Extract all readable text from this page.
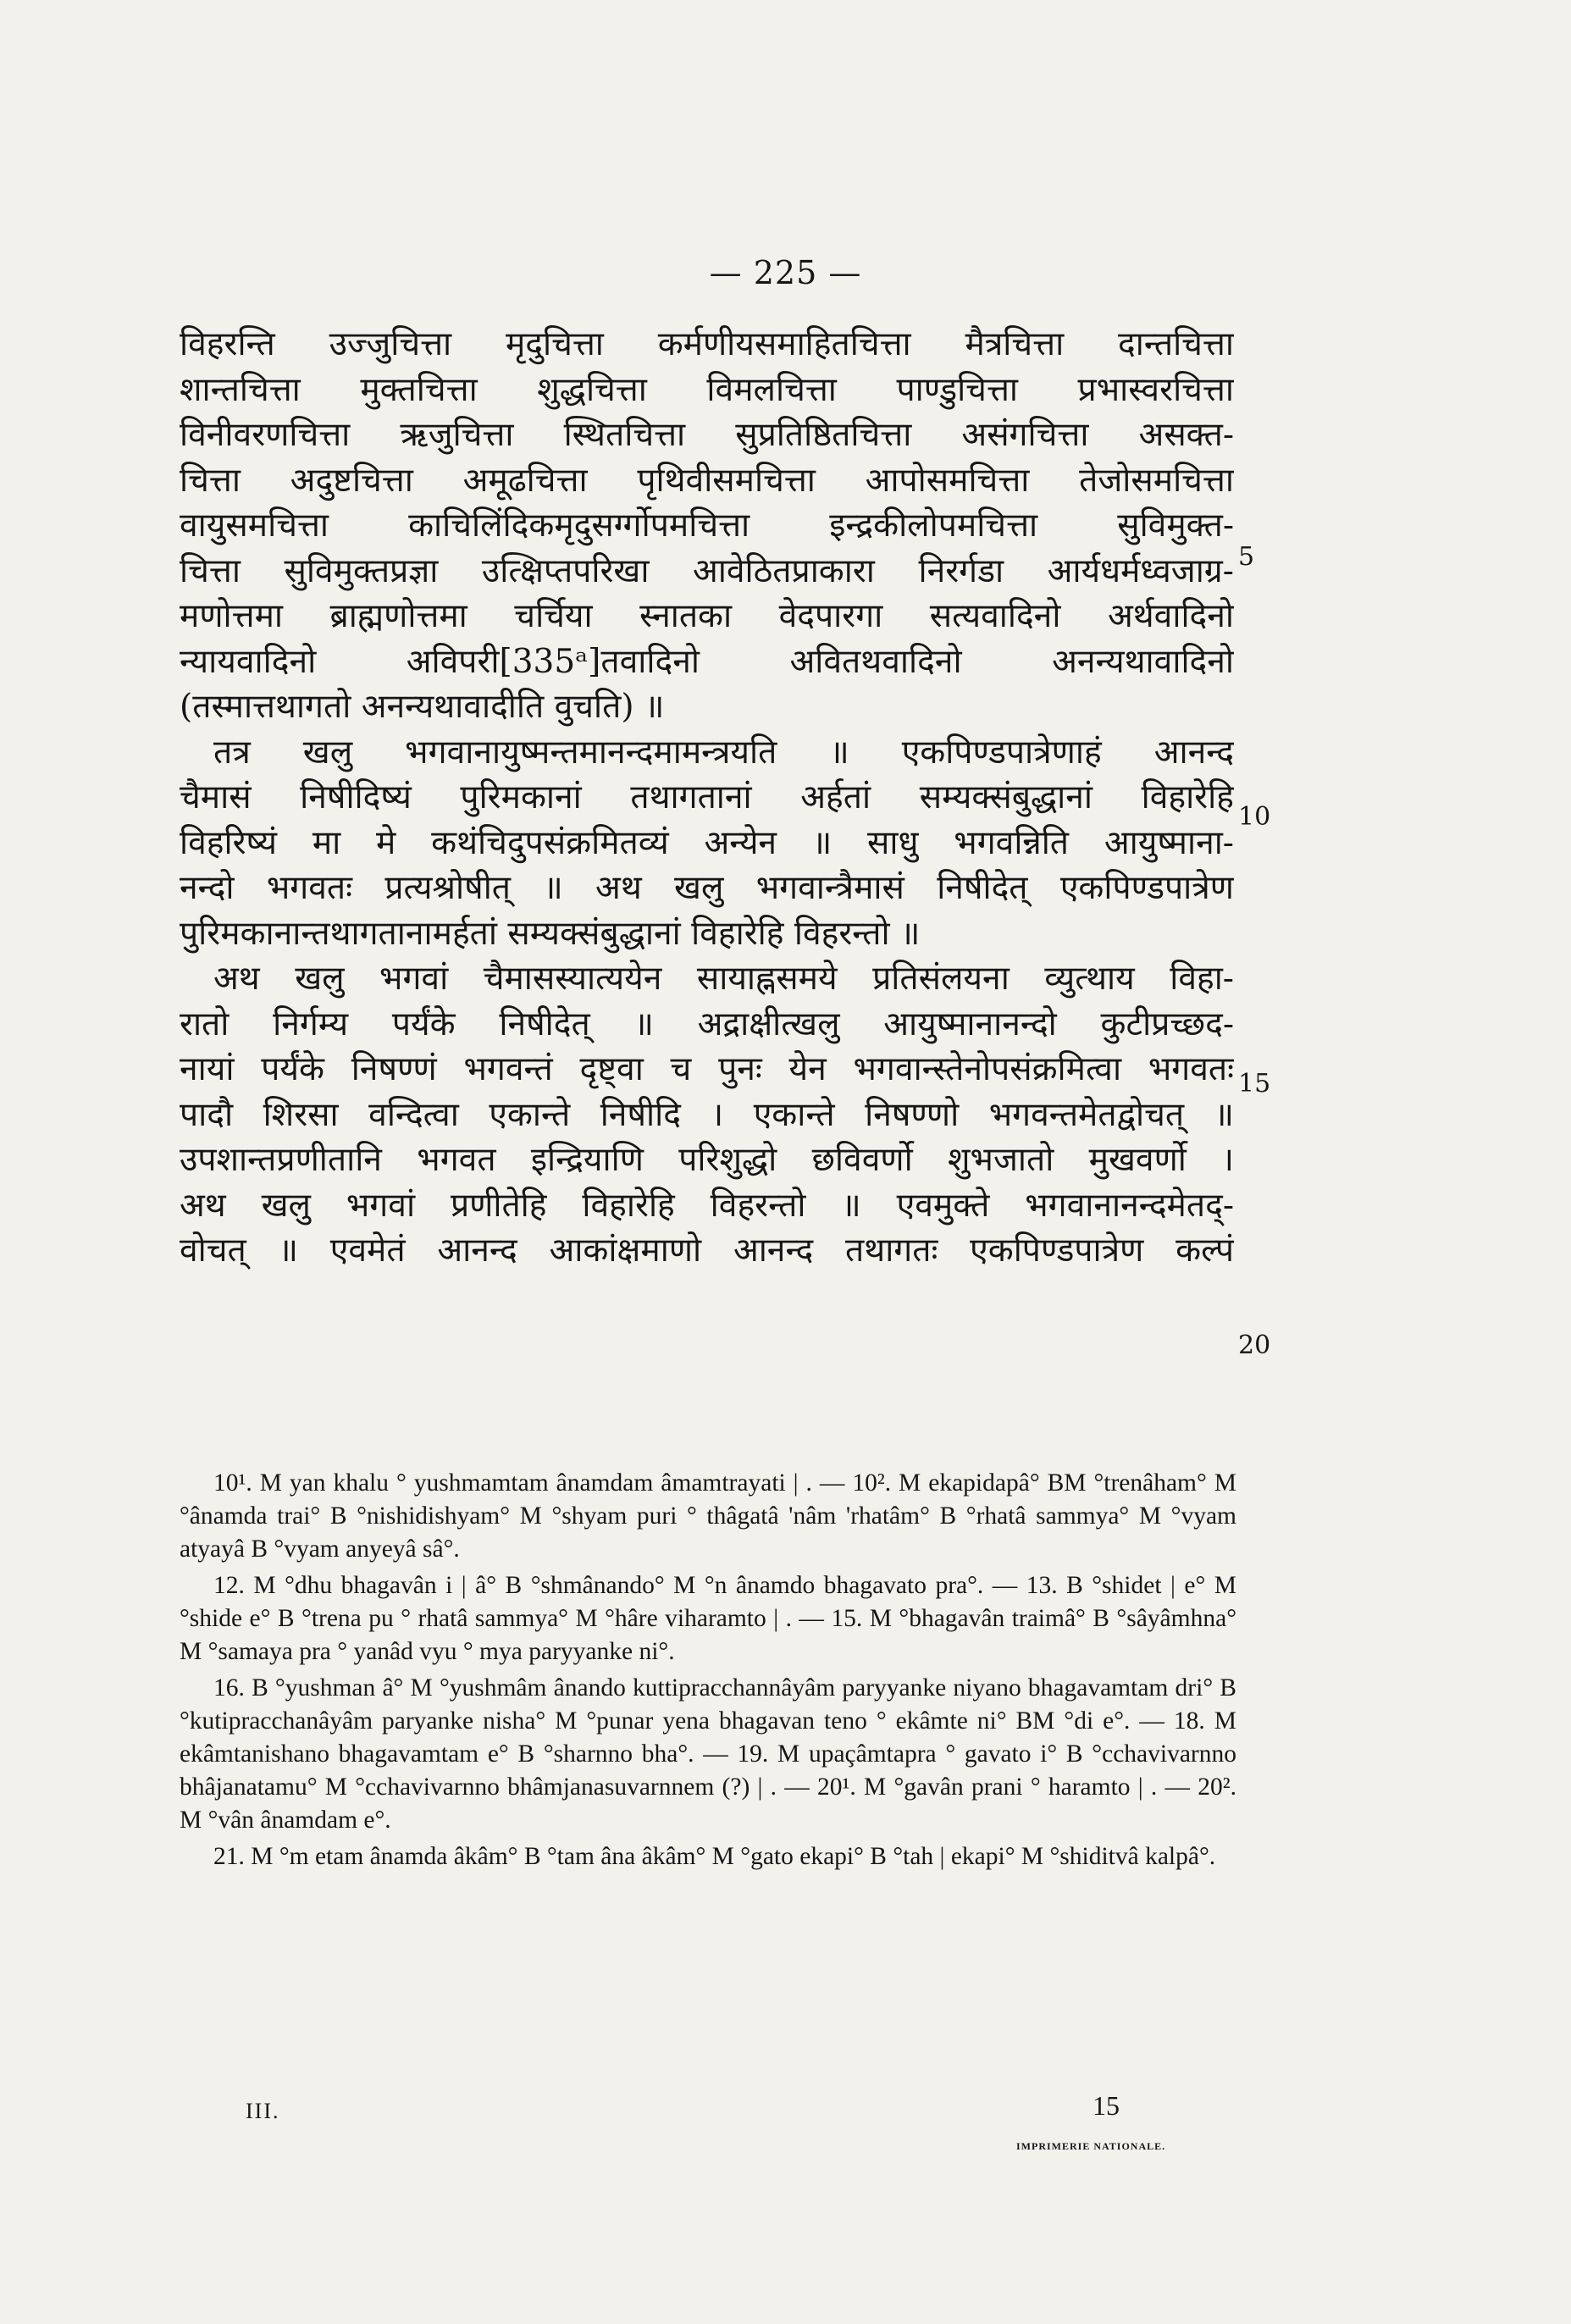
— 225 —
विहरन्ति उज्जुचित्ता मृदुचित्ता कर्मणीयसमाहितचित्ता मैत्रचित्ता दान्तचित्ता
शान्तचित्ता मुक्तचित्ता शुद्धचित्ता विमलचित्ता पाण्डुचित्ता प्रभास्वरचित्ता
विनीवरणचित्ता ऋजुचित्ता स्थितचित्ता सुप्रतिष्ठितचित्ता असंगचित्ता असक्त-
चित्ता अदुष्टचित्ता अमूढचित्ता पृथिवीसमचित्ता आपोसमचित्ता तेजोसमचित्ता
वायुसमचित्ता काचिलिंदिकमृदुसर्ग्गोपमचित्ता इन्द्रकीलोपमचित्ता सुविमुक्त-
चित्ता सुविमुक्तप्रज्ञा उत्क्षिप्तपरिखा आवेठितप्राकारा निरर्गडा आर्यधर्मध्वजाग्र-
मणोत्तमा ब्राह्मणोत्तमा चर्चिया स्नातका वेदपारगा सत्यवादिनो अर्थवादिनो
न्यायवादिनो अविपरी[335ᵃ]तवादिनो अवितथवादिनो अनन्यथावादिनो
(तस्मात्तथागतो अनन्यथावादीति वुचति) ॥
तत्र खलु भगवानायुष्मन्तमानन्दमामन्त्रयति ॥ एकपिण्डपात्रेणाहं आनन्द
चैमासं निषीदिष्यं पुरिमकानां तथागतानां अर्हतां सम्यक्संबुद्धानां विहारेहि
विहरिष्यं मा मे कथंचिदुपसंक्रमितव्यं अन्येन ॥ साधु भगवन्निति आयुष्माना-
नन्दो भगवतः प्रत्यश्रोषीत् ॥ अथ खलु भगवान्त्रैमासं निषीदेत् एकपिण्डपात्रेण
पुरिमकानान्तथागतानामर्हतां सम्यक्संबुद्धानां विहारेहि विहरन्तो ॥
अथ खलु भगवां चैमासस्यात्ययेन सायाह्नसमये प्रतिसंलयना व्युत्थाय विहा-
रातो निर्गम्य पर्यंके निषीदेत् ॥ अद्राक्षीत्खलु आयुष्मानानन्दो कुटीप्रच्छद-
नायां पर्यंके निषण्णं भगवन्तं दृष्ट्वा च पुनः येन भगवान्स्तेनोपसंक्रमित्वा भगवतः
पादौ शिरसा वन्दित्वा एकान्ते निषीदि । एकान्ते निषण्णो भगवन्तमेतद्वोचत् ॥
उपशान्तप्रणीतानि भगवत इन्द्रियाणि परिशुद्धो छविवर्णो शुभजातो मुखवर्णो ।
अथ खलु भगवां प्रणीतेहि विहारेहि विहरन्तो ॥ एवमुक्ते भगवानानन्दमेतद्-
वोचत् ॥ एवमेतं आनन्द आकांक्षमाणो आनन्द तथागतः एकपिण्डपात्रेण कल्पं
5
10
15
20

10¹. M yan khalu ° yushmamtam ânamdam âmamtrayati | . — 10². M ekapidapâ° BM °trenâham° M °ânamda trai° B °nishidishyam° M °shyam puri ° thâgatâ 'nâm 'rhatâm° B °rhatâ sammya° M °vyam atyayâ B °vyam anyeyâ sâ°.

12. M °dhu bhagavân i | â° B °shmânando° M °n ânamdo bhagavato pra°. — 13. B °shidet | e° M °shide e° B °trena pu ° rhatâ sammya° M °hâre viharamto | . — 15. M °bhagavân traimâ° B °sâyâmhna° M °samaya pra ° yanâd vyu ° mya paryyanke ni°.

16. B °yushman â° M °yushmâm ânando kuttipracchannâyâm paryyanke niyano bhagavamtam dri° B °kutipracchanâyâm paryanke nisha° M °punar yena bhagavan teno ° ekâmte ni° BM °di e°. — 18. M ekâmtanishano bhagavamtam e° B °sharnno bha°. — 19. M upaçâmtapra ° gavato i° B °cchavivarnno bhâjanatamu° M °cchavivarnno bhâmjanasuvarnnem (?) | . — 20¹. M °gavân prani ° haramto | . — 20². M °vân ânamdam e°.

21. M °m etam ânamda âkâm° B °tam âna âkâm° M °gato ekapi° B °tah | ekapi° M °shiditvâ kalpâ°.

III.	15
IMPRIMERIE NATIONALE.
